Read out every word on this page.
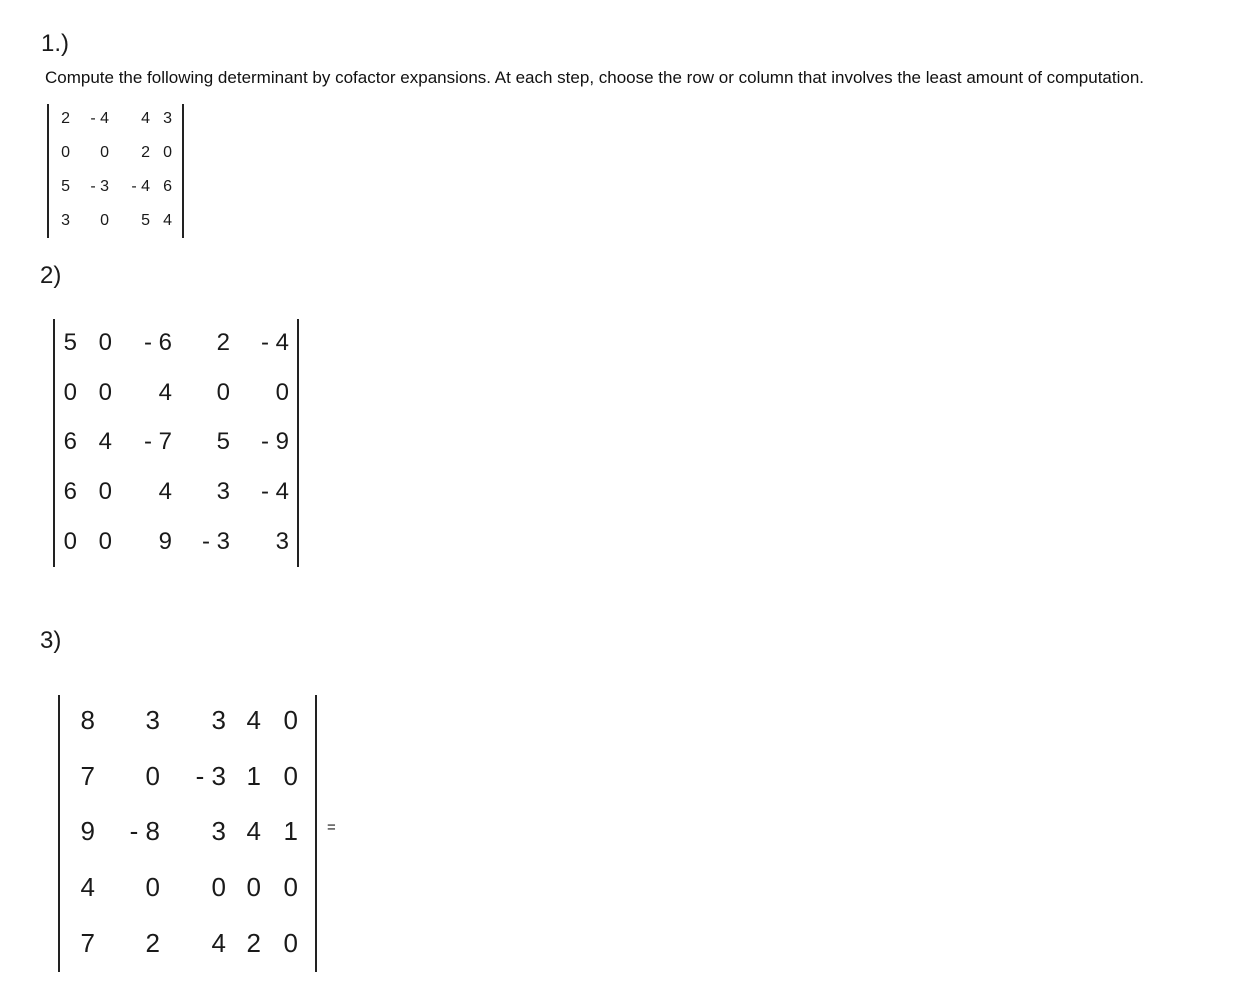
1.)

Compute the following determinant by cofactor expansions. At each step, choose the row or column that involves the least amount of computation.

2 - 4 4 3
0 0 2 0
5 - 3 - 4 6
3 0 5 4
2)
5 0 - 6 2 - 4
0 0 4 0 0
6 4 - 7 5 - 9
6 0 4 3 - 4
0 0 9 - 3 3
3)
8 3 3 4 0
7 0 - 3 1 0
9 - 8 3 4 1
4 0 0 0 0
7 2 4 2 0
=
